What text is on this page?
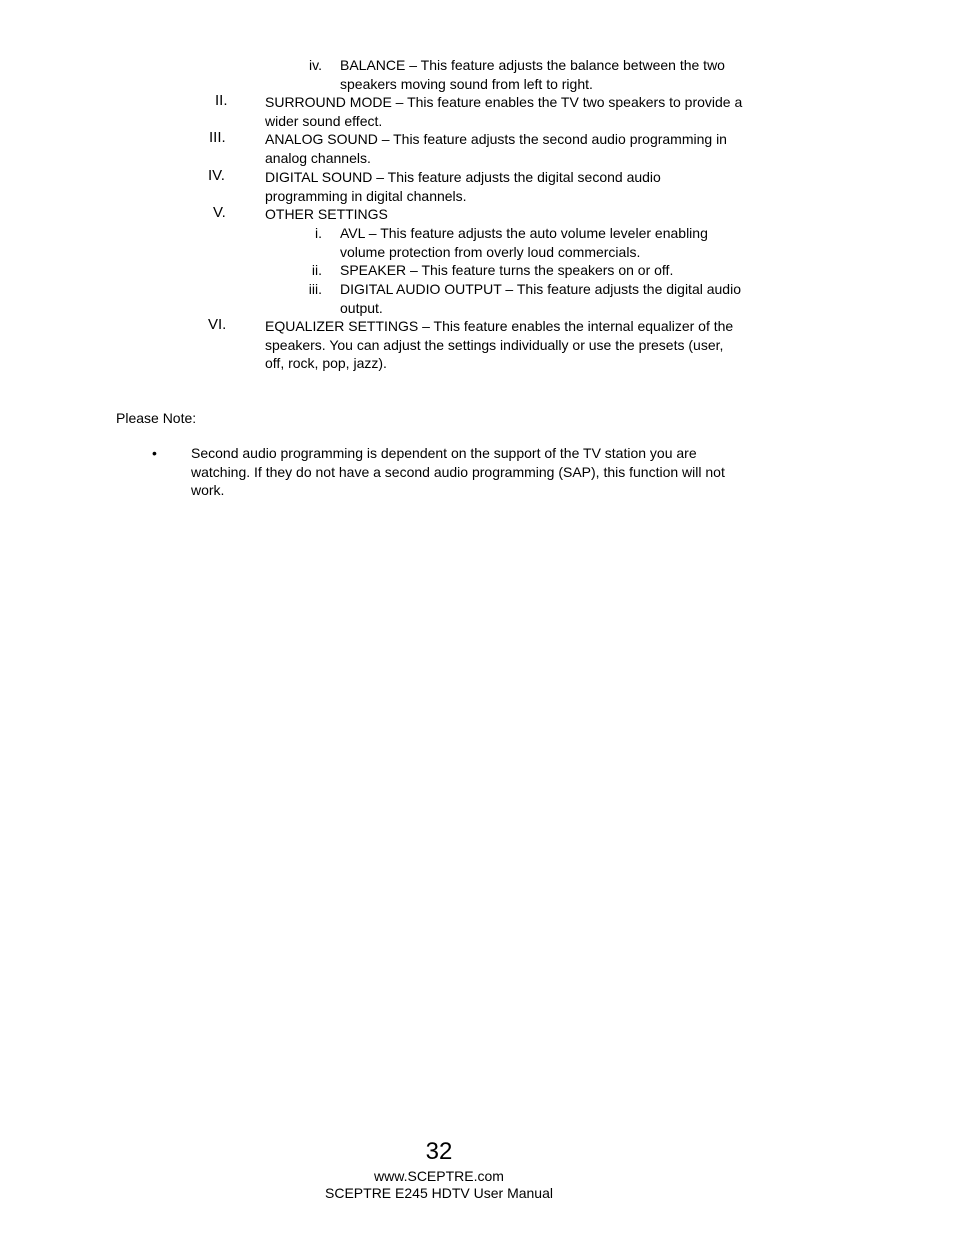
iv. BALANCE – This feature adjusts the balance between the two
speakers moving sound from left to right.
II.	SURROUND MODE – This feature enables the TV two speakers to provide a
wider sound effect.
III.	ANALOG SOUND – This feature adjusts the second audio programming in
analog channels.
IV.	DIGITAL SOUND – This feature adjusts the digital second audio
programming in digital channels.
V.	OTHER SETTINGS
i. AVL – This feature adjusts the auto volume leveler enabling
volume protection from overly loud commercials.
ii. SPEAKER – This feature turns the speakers on or off.
iii. DIGITAL AUDIO OUTPUT – This feature adjusts the digital audio
output.
VI.	EQUALIZER SETTINGS – This feature enables the internal equalizer of the
speakers. You can adjust the settings individually or use the presets (user,
off, rock, pop, jazz).
Please Note:
• Second audio programming is dependent on the support of the TV station you are
watching. If they do not have a second audio programming (SAP), this function will not
work.
32
www.SCEPTRE.com
SCEPTRE E245 HDTV User Manual
